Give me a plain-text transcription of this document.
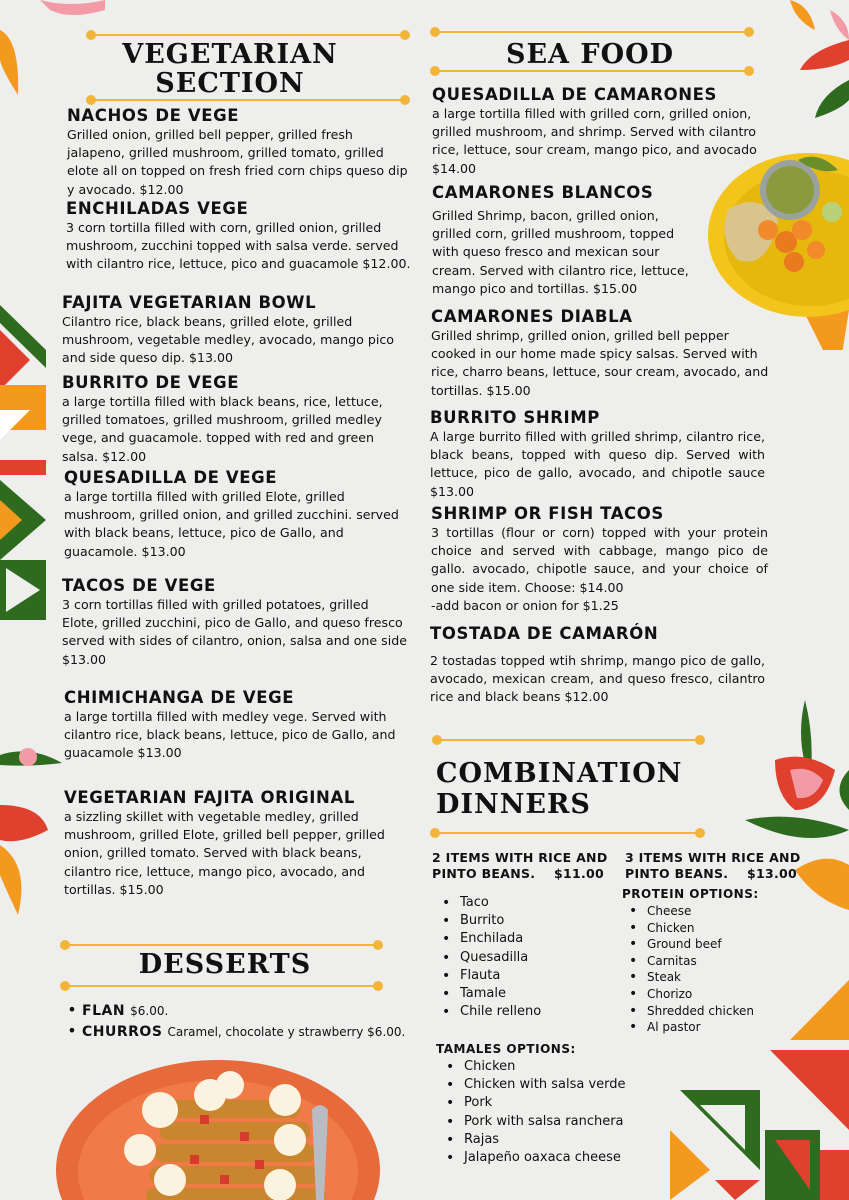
VEGETARIAN SECTION
NACHOS DE VEGE

Grilled onion, grilled bell pepper, grilled fresh jalapeno, grilled mushroom, grilled tomato, grilled elote all on topped on fresh fried corn chips queso dip y avocado. $12.00

ENCHILADAS VEGE

3 corn tortilla filled with corn, grilled onion, grilled mushroom, zucchini topped with salsa verde. served with cilantro rice, lettuce, pico and guacamole $12.00.

FAJITA VEGETARIAN BOWL

Cilantro rice, black beans, grilled elote, grilled mushroom, vegetable medley, avocado, mango pico and side queso dip. $13.00

BURRITO DE VEGE

a large tortilla filled with black beans, rice, lettuce, grilled tomatoes, grilled mushroom, grilled medley vege, and guacamole. topped with red and green salsa. $12.00

QUESADILLA DE VEGE

a large tortilla filled with grilled Elote, grilled mushroom, grilled onion, and grilled zucchini. served with black beans, lettuce, pico de Gallo, and guacamole. $13.00

TACOS DE VEGE

3 corn tortillas filled with grilled potatoes, grilled Elote, grilled zucchini, pico de Gallo, and queso fresco served with sides of cilantro, onion, salsa and one side $13.00

CHIMICHANGA DE VEGE

a large tortilla filled with medley vege. Served with cilantro rice, black beans, lettuce, pico de Gallo, and guacamole $13.00

VEGETARIAN FAJITA ORIGINAL

a sizzling skillet with vegetable medley, grilled mushroom, grilled Elote, grilled bell pepper, grilled onion, grilled tomato. Served with black beans, cilantro rice, lettuce, mango pico, avocado, and tortillas. $15.00

DESSERTS
• FLAN $6.00.
• CHURROS Caramel, chocolate y strawberry $6.00.
SEA FOOD
QUESADILLA DE CAMARONES

a large tortilla filled with grilled corn, grilled onion, grilled mushroom, and shrimp. Served with cilantro rice, lettuce, sour cream, mango pico, and avocado $14.00

CAMARONES BLANCOS

Grilled Shrimp, bacon, grilled onion, grilled corn, grilled mushroom, topped with queso fresco and mexican sour cream. Served with cilantro rice, lettuce, mango pico and tortillas. $15.00

CAMARONES DIABLA

Grilled shrimp, grilled onion, grilled bell pepper cooked in our home made spicy salsas. Served with rice, charro beans, lettuce, sour cream, avocado, and tortillas. $15.00

BURRITO SHRIMP

A large burrito filled with grilled shrimp, cilantro rice, black beans, topped with queso dip. Served with lettuce, pico de gallo, avocado, and chipotle sauce $13.00

SHRIMP OR FISH TACOS

3 tortillas (flour or corn) topped with your protein choice and served with cabbage, mango pico de gallo. avocado, chipotle sauce, and your choice of one side item. Choose: $14.00

-add bacon or onion for $1.25

TOSTADA DE CAMARÓN

2 tostadas topped wtih shrimp, mango pico de gallo, avocado, mexican cream, and queso fresco, cilantro rice and black beans $12.00

COMBINATION DINNERS
2 ITEMS WITH RICE AND PINTO BEANS. $11.00
• Taco
• Burrito
• Enchilada
• Quesadilla
• Flauta
• Tamale
• Chile relleno
3 ITEMS WITH RICE AND PINTO BEANS. $13.00
PROTEIN OPTIONS:
• Cheese
• Chicken
• Ground beef
• Carnitas
• Steak
• Chorizo
• Shredded chicken
• Al pastor
TAMALES OPTIONS:
• Chicken
• Chicken with salsa verde
• Pork
• Pork with salsa ranchera
• Rajas
• Jalapeño oaxaca cheese
